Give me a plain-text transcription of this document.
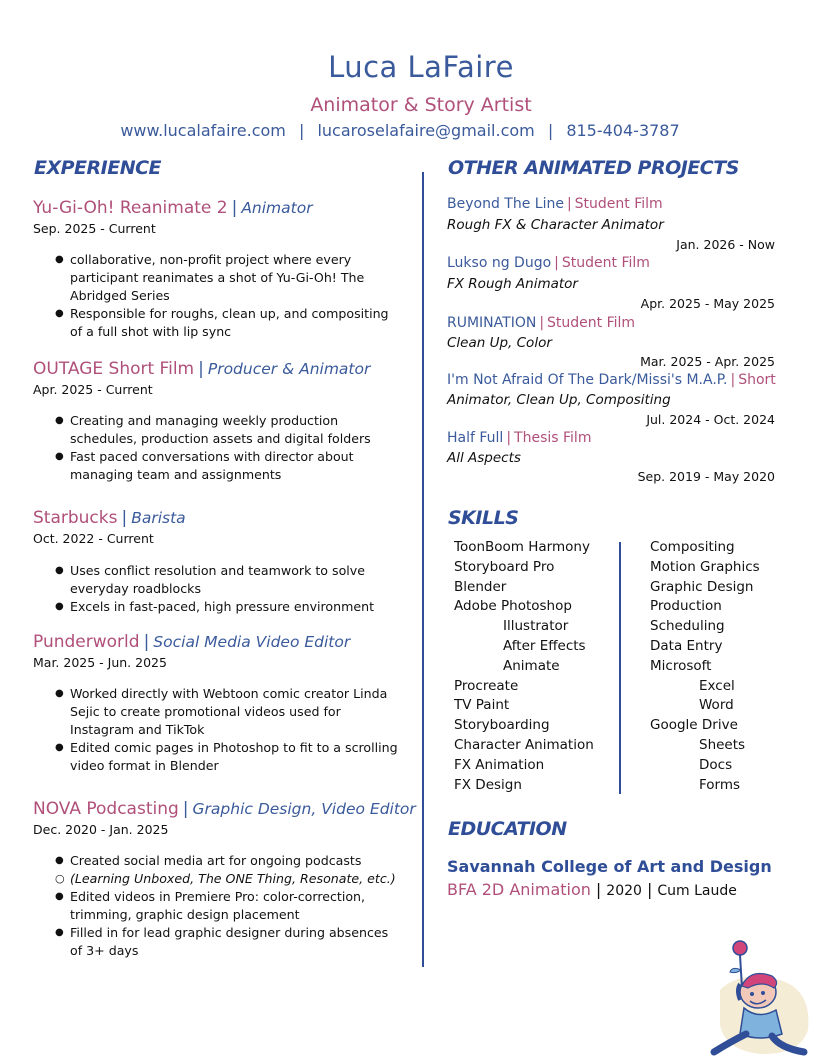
Luca LaFaire
Animator & Story Artist
www.lucalafaire.com | lucaroselafaire@gmail.com | 815-404-3787
EXPERIENCE
Yu-Gi-Oh! Reanimate 2 | Animator
Sep. 2025 - Current
● collaborative, non-profit project where every participant reanimates a shot of Yu-Gi-Oh! The Abridged Series
● Responsible for roughs, clean up, and compositing of a full shot with lip sync
OUTAGE Short Film | Producer & Animator
Apr. 2025 - Current
● Creating and managing weekly production schedules, production assets and digital folders
● Fast paced conversations with director about managing team and assignments
Starbucks | Barista
Oct. 2022 - Current
● Uses conflict resolution and teamwork to solve everyday roadblocks
● Excels in fast-paced, high pressure environment
Punderworld | Social Media Video Editor
Mar. 2025 - Jun. 2025
● Worked directly with Webtoon comic creator Linda Sejic to create promotional videos used for Instagram and TikTok
● Edited comic pages in Photoshop to fit to a scrolling video format in Blender
NOVA Podcasting | Graphic Design, Video Editor
Dec. 2020 - Jan. 2025
● Created social media art for ongoing podcasts
○ (Learning Unboxed, The ONE Thing, Resonate, etc.)
● Edited videos in Premiere Pro: color-correction, trimming, graphic design placement
● Filled in for lead graphic designer during absences of 3+ days
OTHER ANIMATED PROJECTS
Beyond The Line | Student Film
Rough FX & Character Animator
Jan. 2026 - Now
Lukso ng Dugo | Student Film
FX Rough Animator
Apr. 2025 - May 2025
RUMINATION | Student Film
Clean Up, Color
Mar. 2025 - Apr. 2025
I'm Not Afraid Of The Dark/Missi's M.A.P. | Short
Animator, Clean Up, Compositing
Jul. 2024 - Oct. 2024
Half Full | Thesis Film
All Aspects
Sep. 2019 - May 2020
SKILLS
ToonBoom Harmony
Storyboard Pro
Blender
Adobe Photoshop
Illustrator
After Effects
Animate
Procreate
TV Paint
Storyboarding
Character Animation
FX Animation
FX Design
Compositing
Motion Graphics
Graphic Design
Production
Scheduling
Data Entry
Microsoft
Excel
Word
Google Drive
Sheets
Docs
Forms
EDUCATION
Savannah College of Art and Design
BFA 2D Animation | 2020 | Cum Laude
